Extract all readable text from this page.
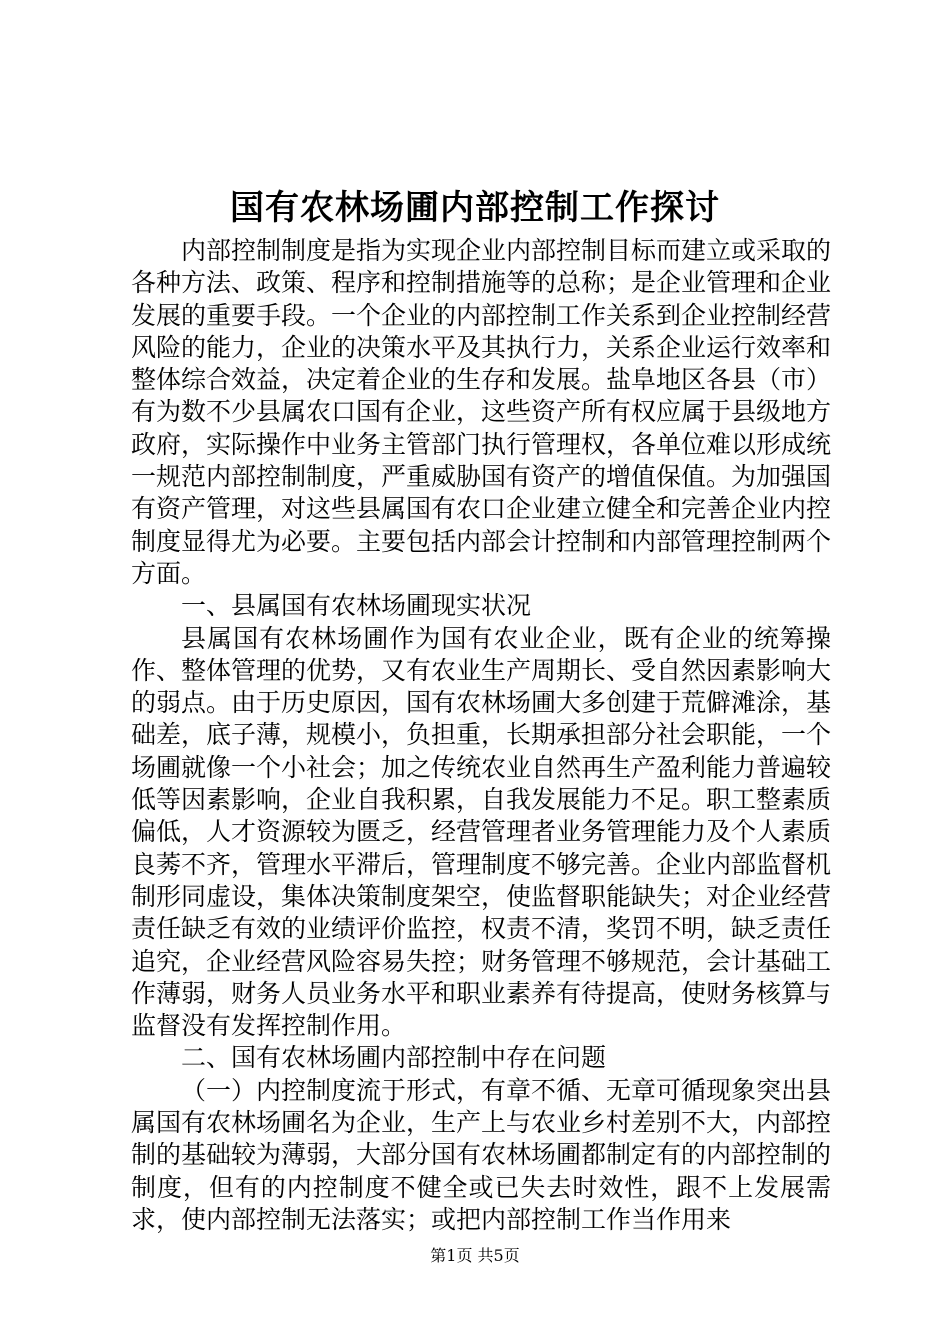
国有农林场圃内部控制工作探讨

内部控制制度是指为实现企业内部控制目标而建立或采取的各种方法、政策、程序和控制措施等的总称；是企业管理和企业发展的重要手段。一个企业的内部控制工作关系到企业控制经营风险的能力，企业的决策水平及其执行力，关系企业运行效率和整体综合效益，决定着企业的生存和发展。盐阜地区各县（市）有为数不少县属农口国有企业，这些资产所有权应属于县级地方政府，实际操作中业务主管部门执行管理权，各单位难以形成统一规范内部控制制度，严重威胁国有资产的增值保值。为加强国有资产管理，对这些县属国有农口企业建立健全和完善企业内控制度显得尤为必要。主要包括内部会计控制和内部管理控制两个方面。

一、县属国有农林场圃现实状况

县属国有农林场圃作为国有农业企业，既有企业的统筹操作、整体管理的优势，又有农业生产周期长、受自然因素影响大的弱点。由于历史原因，国有农林场圃大多创建于荒僻滩涂，基础差，底子薄，规模小，负担重，长期承担部分社会职能，一个场圃就像一个小社会；加之传统农业自然再生产盈利能力普遍较低等因素影响，企业自我积累，自我发展能力不足。职工整素质偏低，人才资源较为匮乏，经营管理者业务管理能力及个人素质良莠不齐，管理水平滞后，管理制度不够完善。企业内部监督机制形同虚设，集体决策制度架空，使监督职能缺失；对企业经营责任缺乏有效的业绩评价监控，权责不清，奖罚不明，缺乏责任追究，企业经营风险容易失控；财务管理不够规范，会计基础工作薄弱，财务人员业务水平和职业素养有待提高，使财务核算与监督没有发挥控制作用。

二、国有农林场圃内部控制中存在问题

（一）内控制度流于形式，有章不循、无章可循现象突出县属国有农林场圃名为企业，生产上与农业乡村差别不大，内部控制的基础较为薄弱，大部分国有农林场圃都制定有的内部控制的制度，但有的内控制度不健全或已失去时效性，跟不上发展需求，使内部控制无法落实；或把内部控制工作当作用来

第1页 共5页
